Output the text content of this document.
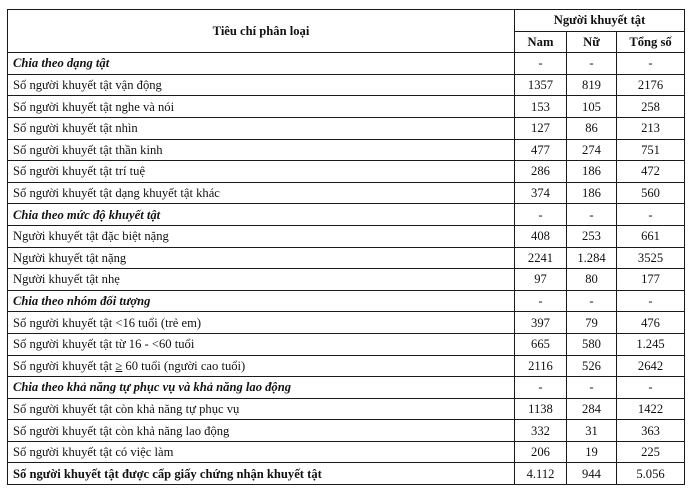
Tiêu chí phân loại	Người khuyết tật		
	Nam	Nữ	Tổng số
Chia theo dạng tật	-	-	-
Số người khuyết tật vận động	1357	819	2176
Số người khuyết tật nghe và nói	153	105	258
Số người khuyết tật nhìn	127	86	213
Số người khuyết tật thần kinh	477	274	751
Số người khuyết tật trí tuệ	286	186	472
Số người khuyết tật dạng khuyết tật khác	374	186	560
Chia theo mức độ khuyết tật	-	-	-
Người khuyết tật đặc biệt nặng	408	253	661
Người khuyết tật nặng	2241	1.284	3525
Người khuyết tật nhẹ	97	80	177
Chia theo nhóm đối tượng	-	-	-
Số người khuyết tật <16 tuổi (trẻ em)	397	79	476
Số người khuyết tật từ 16 - <60 tuổi	665	580	1.245
Số người khuyết tật ≥ 60 tuổi (người cao tuổi)	2116	526	2642
Chia theo khả năng tự phục vụ và khả năng lao động	-	-	-
Số người khuyết tật còn khả năng tự phục vụ	1138	284	1422
Số người khuyết tật còn khả năng lao động	332	31	363
Số người khuyết tật có việc làm	206	19	225
Số người khuyết tật được cấp giấy chứng nhận khuyết tật	4.112	944	5.056
